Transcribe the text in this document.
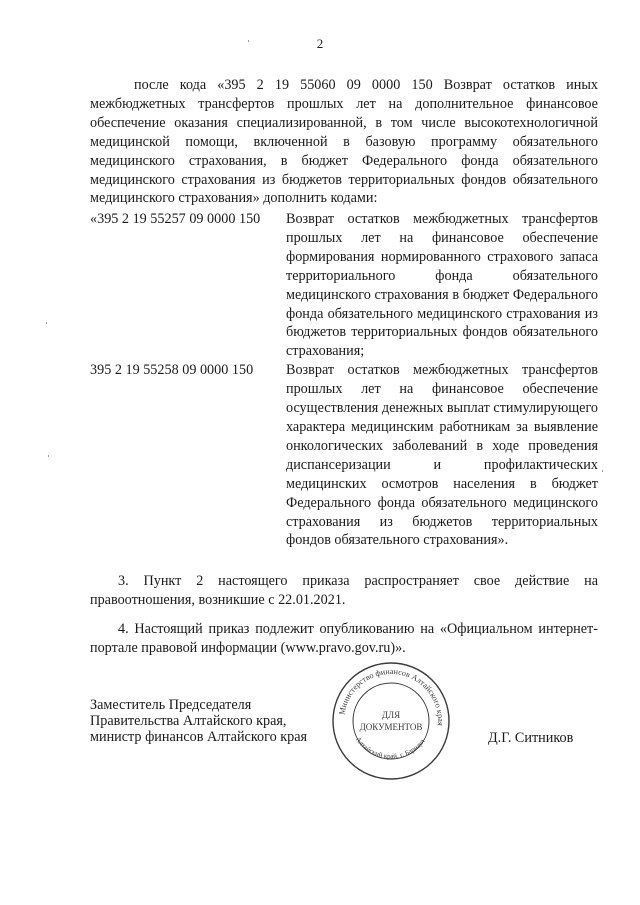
2
после кода «395 2 19 55060 09 0000 150 Возврат остатков иных межбюджетных трансфертов прошлых лет на дополнительное финансовое обеспечение оказания специализированной, в том числе высокотехнологичной медицинской помощи, включенной в базовую программу обязательного медицинского страхования, в бюджет Федерального фонда обязательного медицинского страхования из бюджетов территориальных фондов обязательного медицинского страхования» дополнить кодами:
«395 2 19 55257 09 0000 150	Возврат остатков межбюджетных трансфертов прошлых лет на финансовое обеспечение формирования нормированного страхового запаса территориального фонда обязательного медицинского страхования в бюджет Федерального фонда обязательного медицинского страхования из бюджетов территориальных фондов обязательного страхования;
395 2 19 55258 09 0000 150	Возврат остатков межбюджетных трансфертов прошлых лет на финансовое обеспечение осуществления денежных выплат стимулирующего характера медицинским работникам за выявление онкологических заболеваний в ходе проведения диспансеризации и профилактических медицинских осмотров населения в бюджет Федерального фонда обязательного медицинского страхования из бюджетов территориальных фондов обязательного страхования».
3. Пункт 2 настоящего приказа распространяет свое действие на правоотношения, возникшие с 22.01.2021.
4. Настоящий приказ подлежит опубликованию на «Официальном интернет-портале правовой информации (www.pravo.gov.ru)».
Заместитель Председателя
Правительства Алтайского края,
министр финансов Алтайского края
Министерство финансов Алтайского края
Алтайский край, г. Барнаул
ДЛЯ
ДОКУМЕНТОВ
Д.Г. Ситников
